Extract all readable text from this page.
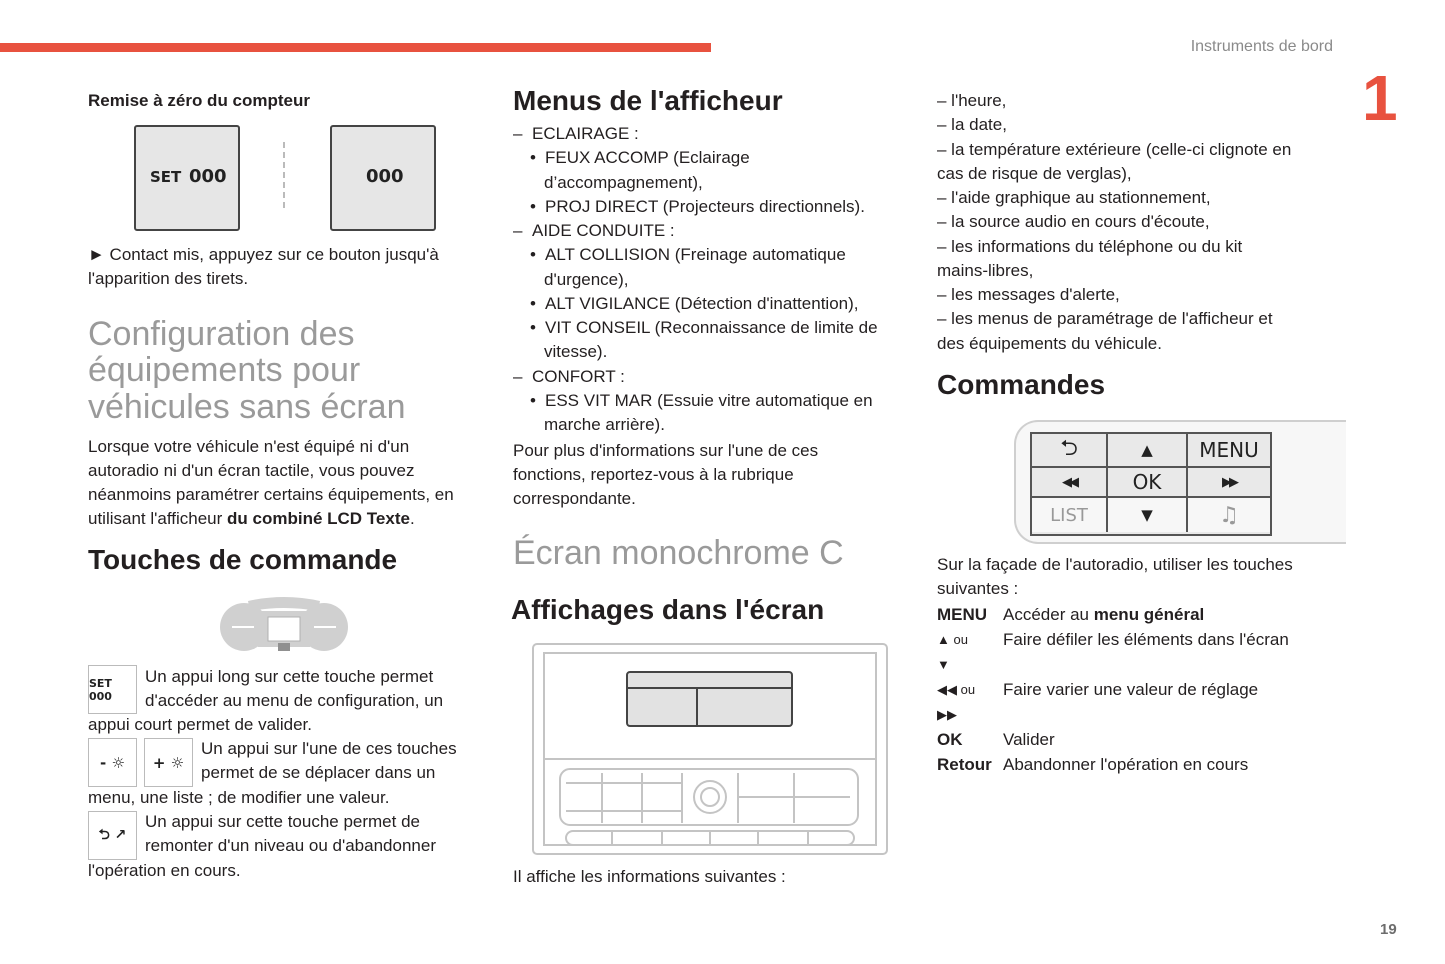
Instruments de bord
1
19
Remise à zéro du compteur
SET 000	000
► Contact mis, appuyez sur ce bouton jusqu'à
l'apparition des tirets.
Configuration des
équipements pour
véhicules sans écran
Lorsque votre véhicule n'est équipé ni d'un
autoradio ni d'un écran tactile, vous pouvez
néanmoins paramétrer certains équipements, en
utilisant l'afficheur du combiné LCD Texte.
Touches de commande
SET 000
Un appui long sur cette touche permet
d'accéder au menu de configuration, un
appui court permet de valider.
- ☼ + ☼
Un appui sur l'une de ces touches
permet de se déplacer dans un
menu, une liste ; de modifier une valeur.
⮌ ↗
Un appui sur cette touche permet de
remonter d'un niveau ou d'abandonner
l'opération en cours.
Menus de l'afficheur
– ECLAIRAGE :
• FEUX ACCOMP (Eclairage
d’accompagnement),
• PROJ DIRECT (Projecteurs directionnels).
– AIDE CONDUITE :
• ALT COLLISION (Freinage automatique
d'urgence),
• ALT VIGILANCE (Détection d'inattention),
• VIT CONSEIL (Reconnaissance de limite de
vitesse).
– CONFORT :
• ESS VIT MAR (Essuie vitre automatique en
marche arrière).
Pour plus d'informations sur l'une de ces
fonctions, reportez-vous à la rubrique
correspondante.
Écran monochrome C
Affichages dans l'écran
Il affiche les informations suivantes :
– l'heure,
– la date,
– la température extérieure (celle-ci clignote en
cas de risque de verglas),
– l'aide graphique au stationnement,
– la source audio en cours d'écoute,
– les informations du téléphone ou du kit
mains-libres,
– les messages d'alerte,
– les menus de paramétrage de l'afficheur et
des équipements du véhicule.
Commandes
⮌	▲	MENU
◀◀	OK	▶▶
LIST	▼	♫
Sur la façade de l'autoradio, utiliser les touches
suivantes :
MENU Accéder au menu général
▲ ou Faire défiler les éléments dans l'écran
▼
◀◀ ou Faire varier une valeur de réglage
▶▶
OK Valider
Retour Abandonner l'opération en cours
